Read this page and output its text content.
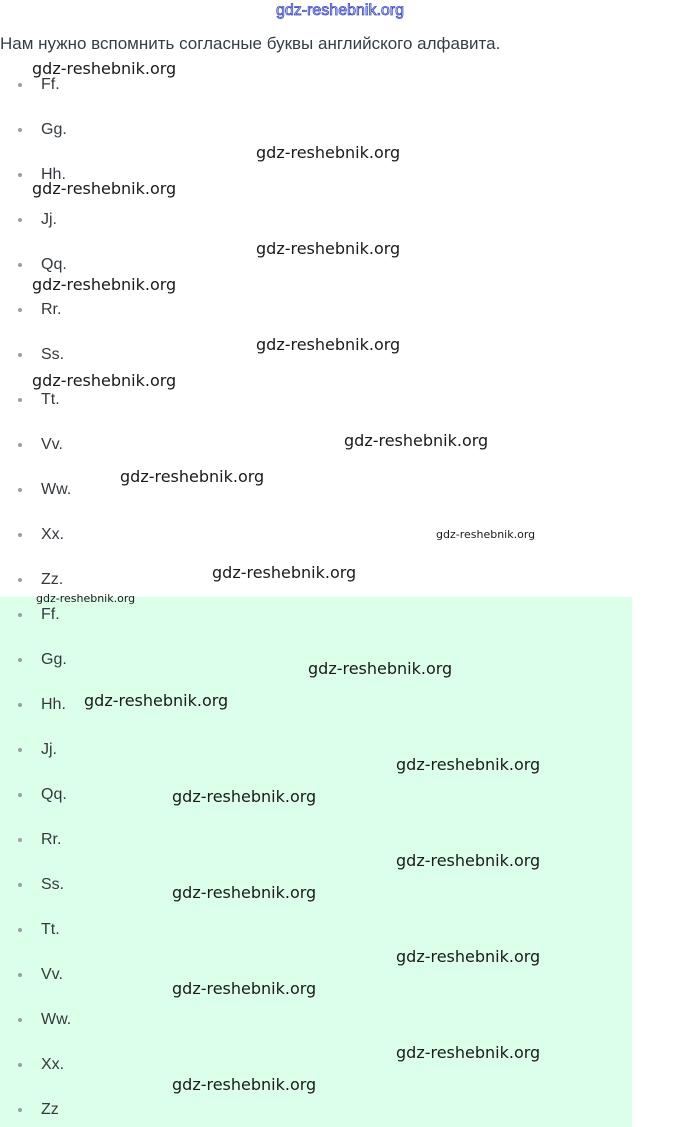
gdz-reshebnik.org

Нам нужно вспомнить согласные буквы английского алфавита.

Ff.
Gg.
Hh.
Jj.
Qq.
Rr.
Ss.
Tt.
Vv.
Ww.
Xx.
Zz.
Ff.
Gg.
Hh.
Jj.
Qq.
Rr.
Ss.
Tt.
Vv.
Ww.
Xx.
Zz
gdz-reshebnik.org
gdz-reshebnik.org
gdz-reshebnik.org
gdz-reshebnik.org
gdz-reshebnik.org
gdz-reshebnik.org
gdz-reshebnik.org
gdz-reshebnik.org
gdz-reshebnik.org
gdz-reshebnik.org
gdz-reshebnik.org
gdz-reshebnik.org
gdz-reshebnik.org
gdz-reshebnik.org
gdz-reshebnik.org
gdz-reshebnik.org
gdz-reshebnik.org
gdz-reshebnik.org
gdz-reshebnik.org
gdz-reshebnik.org
gdz-reshebnik.org
gdz-reshebnik.org
